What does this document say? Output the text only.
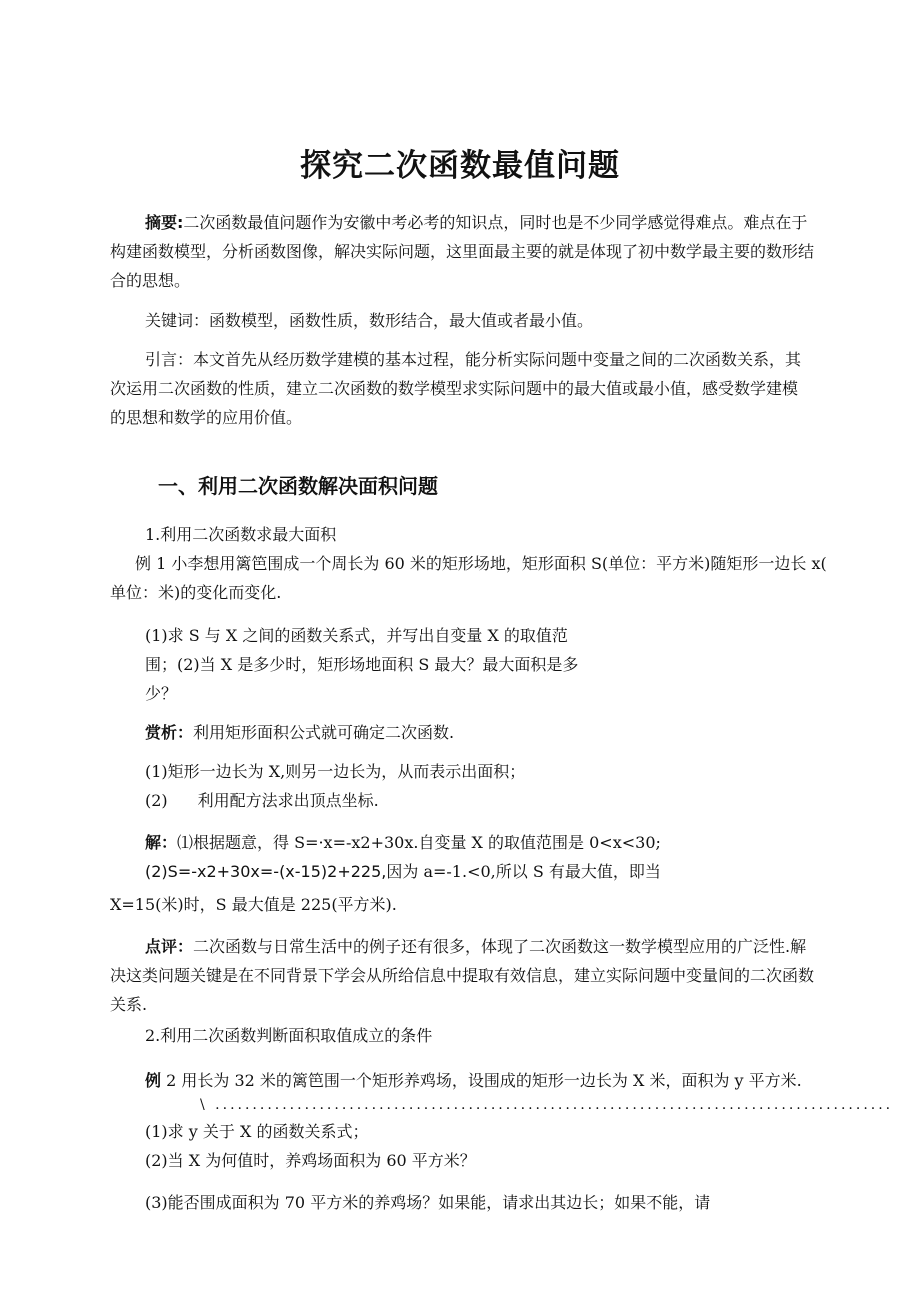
探究二次函数最值问题
摘要:二次函数最值问题作为安徽中考必考的知识点，同时也是不少同学感觉得难点。难点在于
构建函数模型，分析函数图像，解决实际问题，这里面最主要的就是体现了初中数学最主要的数形结
合的思想。
关键词：函数模型，函数性质，数形结合，最大值或者最小值。
引言：本文首先从经历数学建模的基本过程，能分析实际问题中变量之间的二次函数关系，其
次运用二次函数的性质，建立二次函数的数学模型求实际问题中的最大值或最小值，感受数学建模
的思想和数学的应用价值。
一、利用二次函数解决面积问题
1.利用二次函数求最大面积
例 1 小李想用篱笆围成一个周长为 60 米的矩形场地，矩形面积 S(单位：平方米)随矩形一边长 x(
单位：米)的变化而变化.
(1)求 S 与 X 之间的函数关系式，并写出自变量 X 的取值范
围；(2)当 X 是多少时，矩形场地面积 S 最大？最大面积是多
少？
赏析：利用矩形面积公式就可确定二次函数.
(1)矩形一边长为 X,则另一边长为，从而表示出面积；
(2) 利用配方法求出顶点坐标.
解：⑴根据题意，得 S=·x=-x2+30x.自变量 X 的取值范围是 0<x<30;
(2)S=-x2+30x=-(x-15)2+225,因为 a=-1.<0,所以 S 有最大值，即当
X=15(米)时，S 最大值是 225(平方米).
点评：二次函数与日常生活中的例子还有很多，体现了二次函数这一数学模型应用的广泛性.解
决这类问题关键是在不同背景下学会从所给信息中提取有效信息，建立实际问题中变量间的二次函数
关系.
2.利用二次函数判断面积取值成立的条件
例 2 用长为 32 米的篱笆围一个矩形养鸡场，设围成的矩形一边长为 X 米，面积为 y 平方米.
\ ...........................................................................................
(1)求 y 关于 X 的函数关系式；
(2)当 X 为何值时，养鸡场面积为 60 平方米？
(3)能否围成面积为 70 平方米的养鸡场？如果能，请求出其边长；如果不能，请
